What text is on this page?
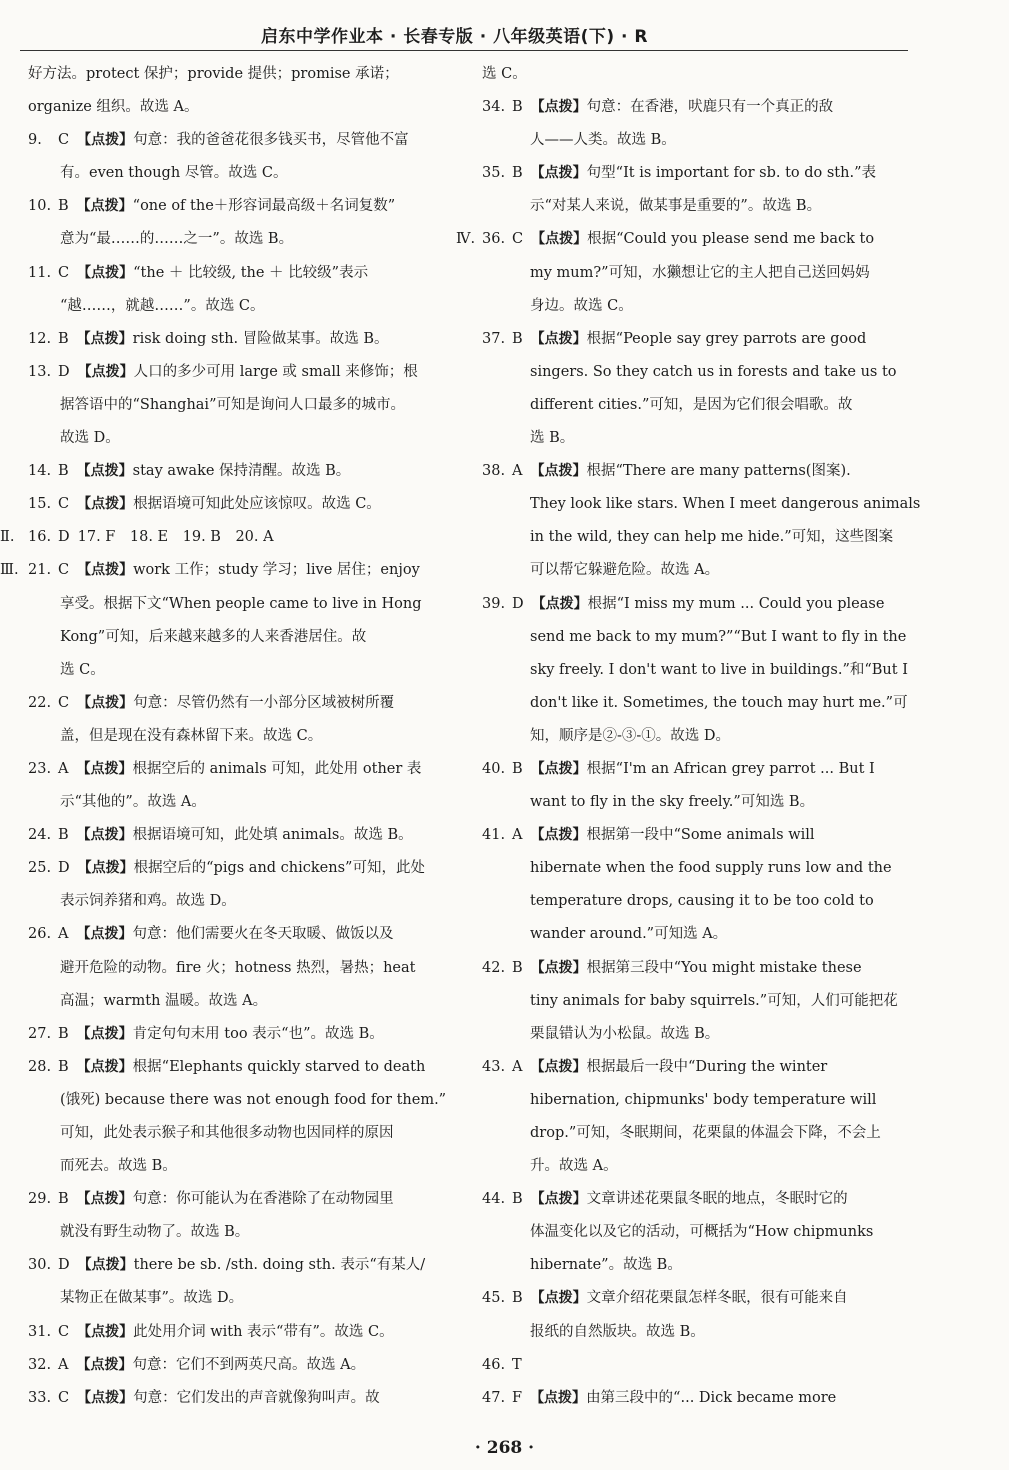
启东中学作业本 · 长春专版 · 八年级英语(下) · R
好方法。protect 保护；provide 提供；promise 承诺；
organize 组织。故选 A。
9. C 【点拨】句意：我的爸爸花很多钱买书，尽管他不富
有。even though 尽管。故选 C。
10. B 【点拨】“one of the＋形容词最高级＋名词复数”
意为“最……的……之一”。故选 B。
11. C 【点拨】“the ＋ 比较级, the ＋ 比较级”表示
“越……，就越……”。故选 C。
12. B 【点拨】risk doing sth. 冒险做某事。故选 B。
13. D 【点拨】人口的多少可用 large 或 small 来修饰；根
据答语中的“Shanghai”可知是询问人口最多的城市。
故选 D。
14. B 【点拨】stay awake 保持清醒。故选 B。
15. C 【点拨】根据语境可知此处应该惊叹。故选 C。
Ⅱ. 16. D 17. F　18. E　19. B　20. A
Ⅲ. 21. C 【点拨】work 工作；study 学习；live 居住；enjoy
享受。根据下文“When people came to live in Hong
Kong”可知，后来越来越多的人来香港居住。故
选 C。
22. C 【点拨】句意：尽管仍然有一小部分区域被树所覆
盖，但是现在没有森林留下来。故选 C。
23. A 【点拨】根据空后的 animals 可知，此处用 other 表
示“其他的”。故选 A。
24. B 【点拨】根据语境可知，此处填 animals。故选 B。
25. D 【点拨】根据空后的“pigs and chickens”可知，此处
表示饲养猪和鸡。故选 D。
26. A 【点拨】句意：他们需要火在冬天取暖、做饭以及
避开危险的动物。fire 火；hotness 热烈，暑热；heat
高温；warmth 温暖。故选 A。
27. B 【点拨】肯定句句末用 too 表示“也”。故选 B。
28. B 【点拨】根据“Elephants quickly starved to death
(饿死) because there was not enough food for them.”
可知，此处表示猴子和其他很多动物也因同样的原因
而死去。故选 B。
29. B 【点拨】句意：你可能认为在香港除了在动物园里
就没有野生动物了。故选 B。
30. D 【点拨】there be sb. /sth. doing sth. 表示“有某人/
某物正在做某事”。故选 D。
31. C 【点拨】此处用介词 with 表示“带有”。故选 C。
32. A 【点拨】句意：它们不到两英尺高。故选 A。
33. C 【点拨】句意：它们发出的声音就像狗叫声。故
选 C。
34. B 【点拨】句意：在香港，吠鹿只有一个真正的敌
人——人类。故选 B。
35. B 【点拨】句型“It is important for sb. to do sth.”表
示“对某人来说，做某事是重要的”。故选 B。
Ⅳ. 36. C 【点拨】根据“Could you please send me back to
my mum?”可知，水獭想让它的主人把自己送回妈妈
身边。故选 C。
37. B 【点拨】根据“People say grey parrots are good
singers. So they catch us in forests and take us to
different cities.”可知，是因为它们很会唱歌。故
选 B。
38. A 【点拨】根据“There are many patterns(图案).
They look like stars. When I meet dangerous animals
in the wild, they can help me hide.”可知，这些图案
可以帮它躲避危险。故选 A。
39. D 【点拨】根据“I miss my mum ... Could you please
send me back to my mum?”“But I want to fly in the
sky freely. I don't want to live in buildings.”和“But I
don't like it. Sometimes, the touch may hurt me.”可
知，顺序是②-③-①。故选 D。
40. B 【点拨】根据“I'm an African grey parrot ... But I
want to fly in the sky freely.”可知选 B。
41. A 【点拨】根据第一段中“Some animals will
hibernate when the food supply runs low and the
temperature drops, causing it to be too cold to
wander around.”可知选 A。
42. B 【点拨】根据第三段中“You might mistake these
tiny animals for baby squirrels.”可知，人们可能把花
栗鼠错认为小松鼠。故选 B。
43. A 【点拨】根据最后一段中“During the winter
hibernation, chipmunks' body temperature will
drop.”可知，冬眠期间，花栗鼠的体温会下降，不会上
升。故选 A。
44. B 【点拨】文章讲述花栗鼠冬眠的地点，冬眠时它的
体温变化以及它的活动，可概括为“How chipmunks
hibernate”。故选 B。
45. B 【点拨】文章介绍花栗鼠怎样冬眠，很有可能来自
报纸的自然版块。故选 B。
46. T
47. F 【点拨】由第三段中的“... Dick became more
· 268 ·
